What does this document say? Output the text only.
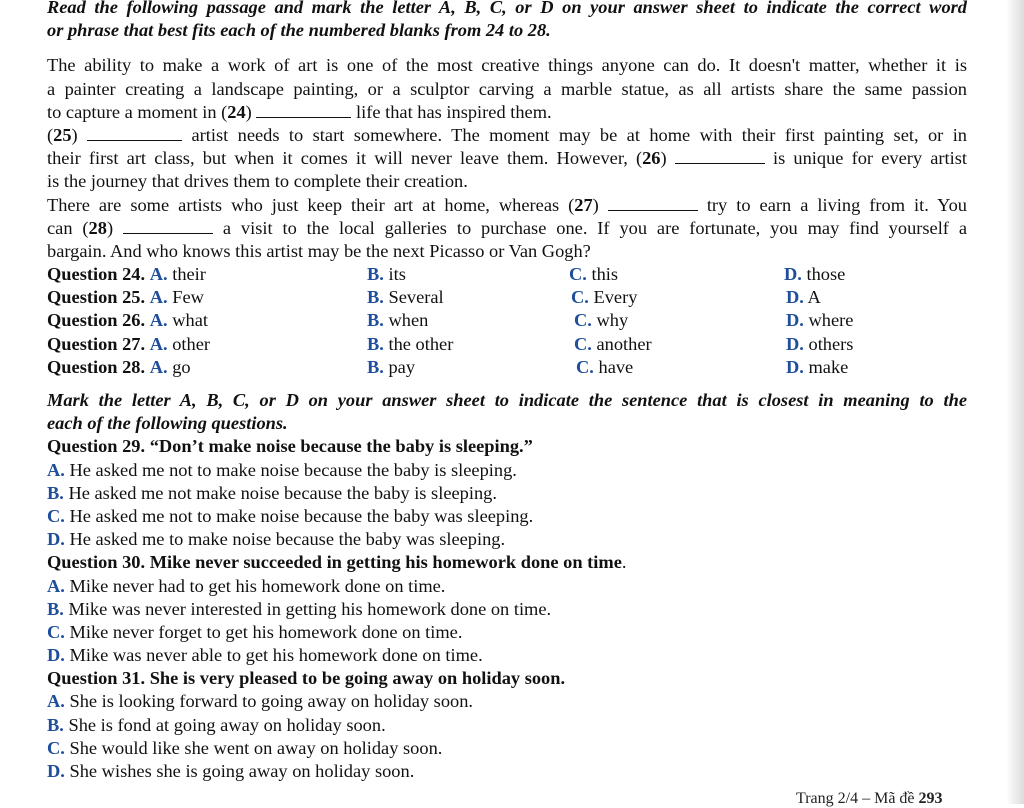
Read the following passage and mark the letter A, B, C, or D on your answer sheet to indicate the correct word
or phrase that best fits each of the numbered blanks from 24 to 28.
The ability to make a work of art is one of the most creative things anyone can do. It doesn't matter, whether it is
a painter creating a landscape painting, or a sculptor carving a marble statue, as all artists share the same passion
to capture a moment in (24)	life that has inspired them.
(25)	artist needs to start somewhere. The moment may be at home with their first painting set, or in
their first art class, but when it comes it will never leave them. However, (26)	is unique for every artist
is the journey that drives them to complete their creation.
There are some artists who just keep their art at home, whereas (27)	try to earn a living from it. You
can (28)	a visit to the local galleries to purchase one. If you are fortunate, you may find yourself a
bargain. And who knows this artist may be the next Picasso or Van Gogh?
Question 24. A. their	B. its	C. this	D. those
Question 25. A. Few	B. Several	C. Every	D. A
Question 26. A. what	B. when	C. why	D. where
Question 27. A. other	B. the other	C. another	D. others
Question 28. A. go	B. pay	C. have	D. make
Mark the letter A, B, C, or D on your answer sheet to indicate the sentence that is closest in meaning to the
each of the following questions.
Question 29. “Don’t make noise because the baby is sleeping.”
A. He asked me not to make noise because the baby is sleeping.
B. He asked me not make noise because the baby is sleeping.
C. He asked me not to make noise because the baby was sleeping.
D. He asked me to make noise because the baby was sleeping.
Question 30. Mike never succeeded in getting his homework done on time.
A. Mike never had to get his homework done on time.
B. Mike was never interested in getting his homework done on time.
C. Mike never forget to get his homework done on time.
D. Mike was never able to get his homework done on time.
Question 31. She is very pleased to be going away on holiday soon.
A. She is looking forward to going away on holiday soon.
B. She is fond at going away on holiday soon.
C. She would like she went on away on holiday soon.
D. She wishes she is going away on holiday soon.
Trang 2/4 – Mã đề 293
